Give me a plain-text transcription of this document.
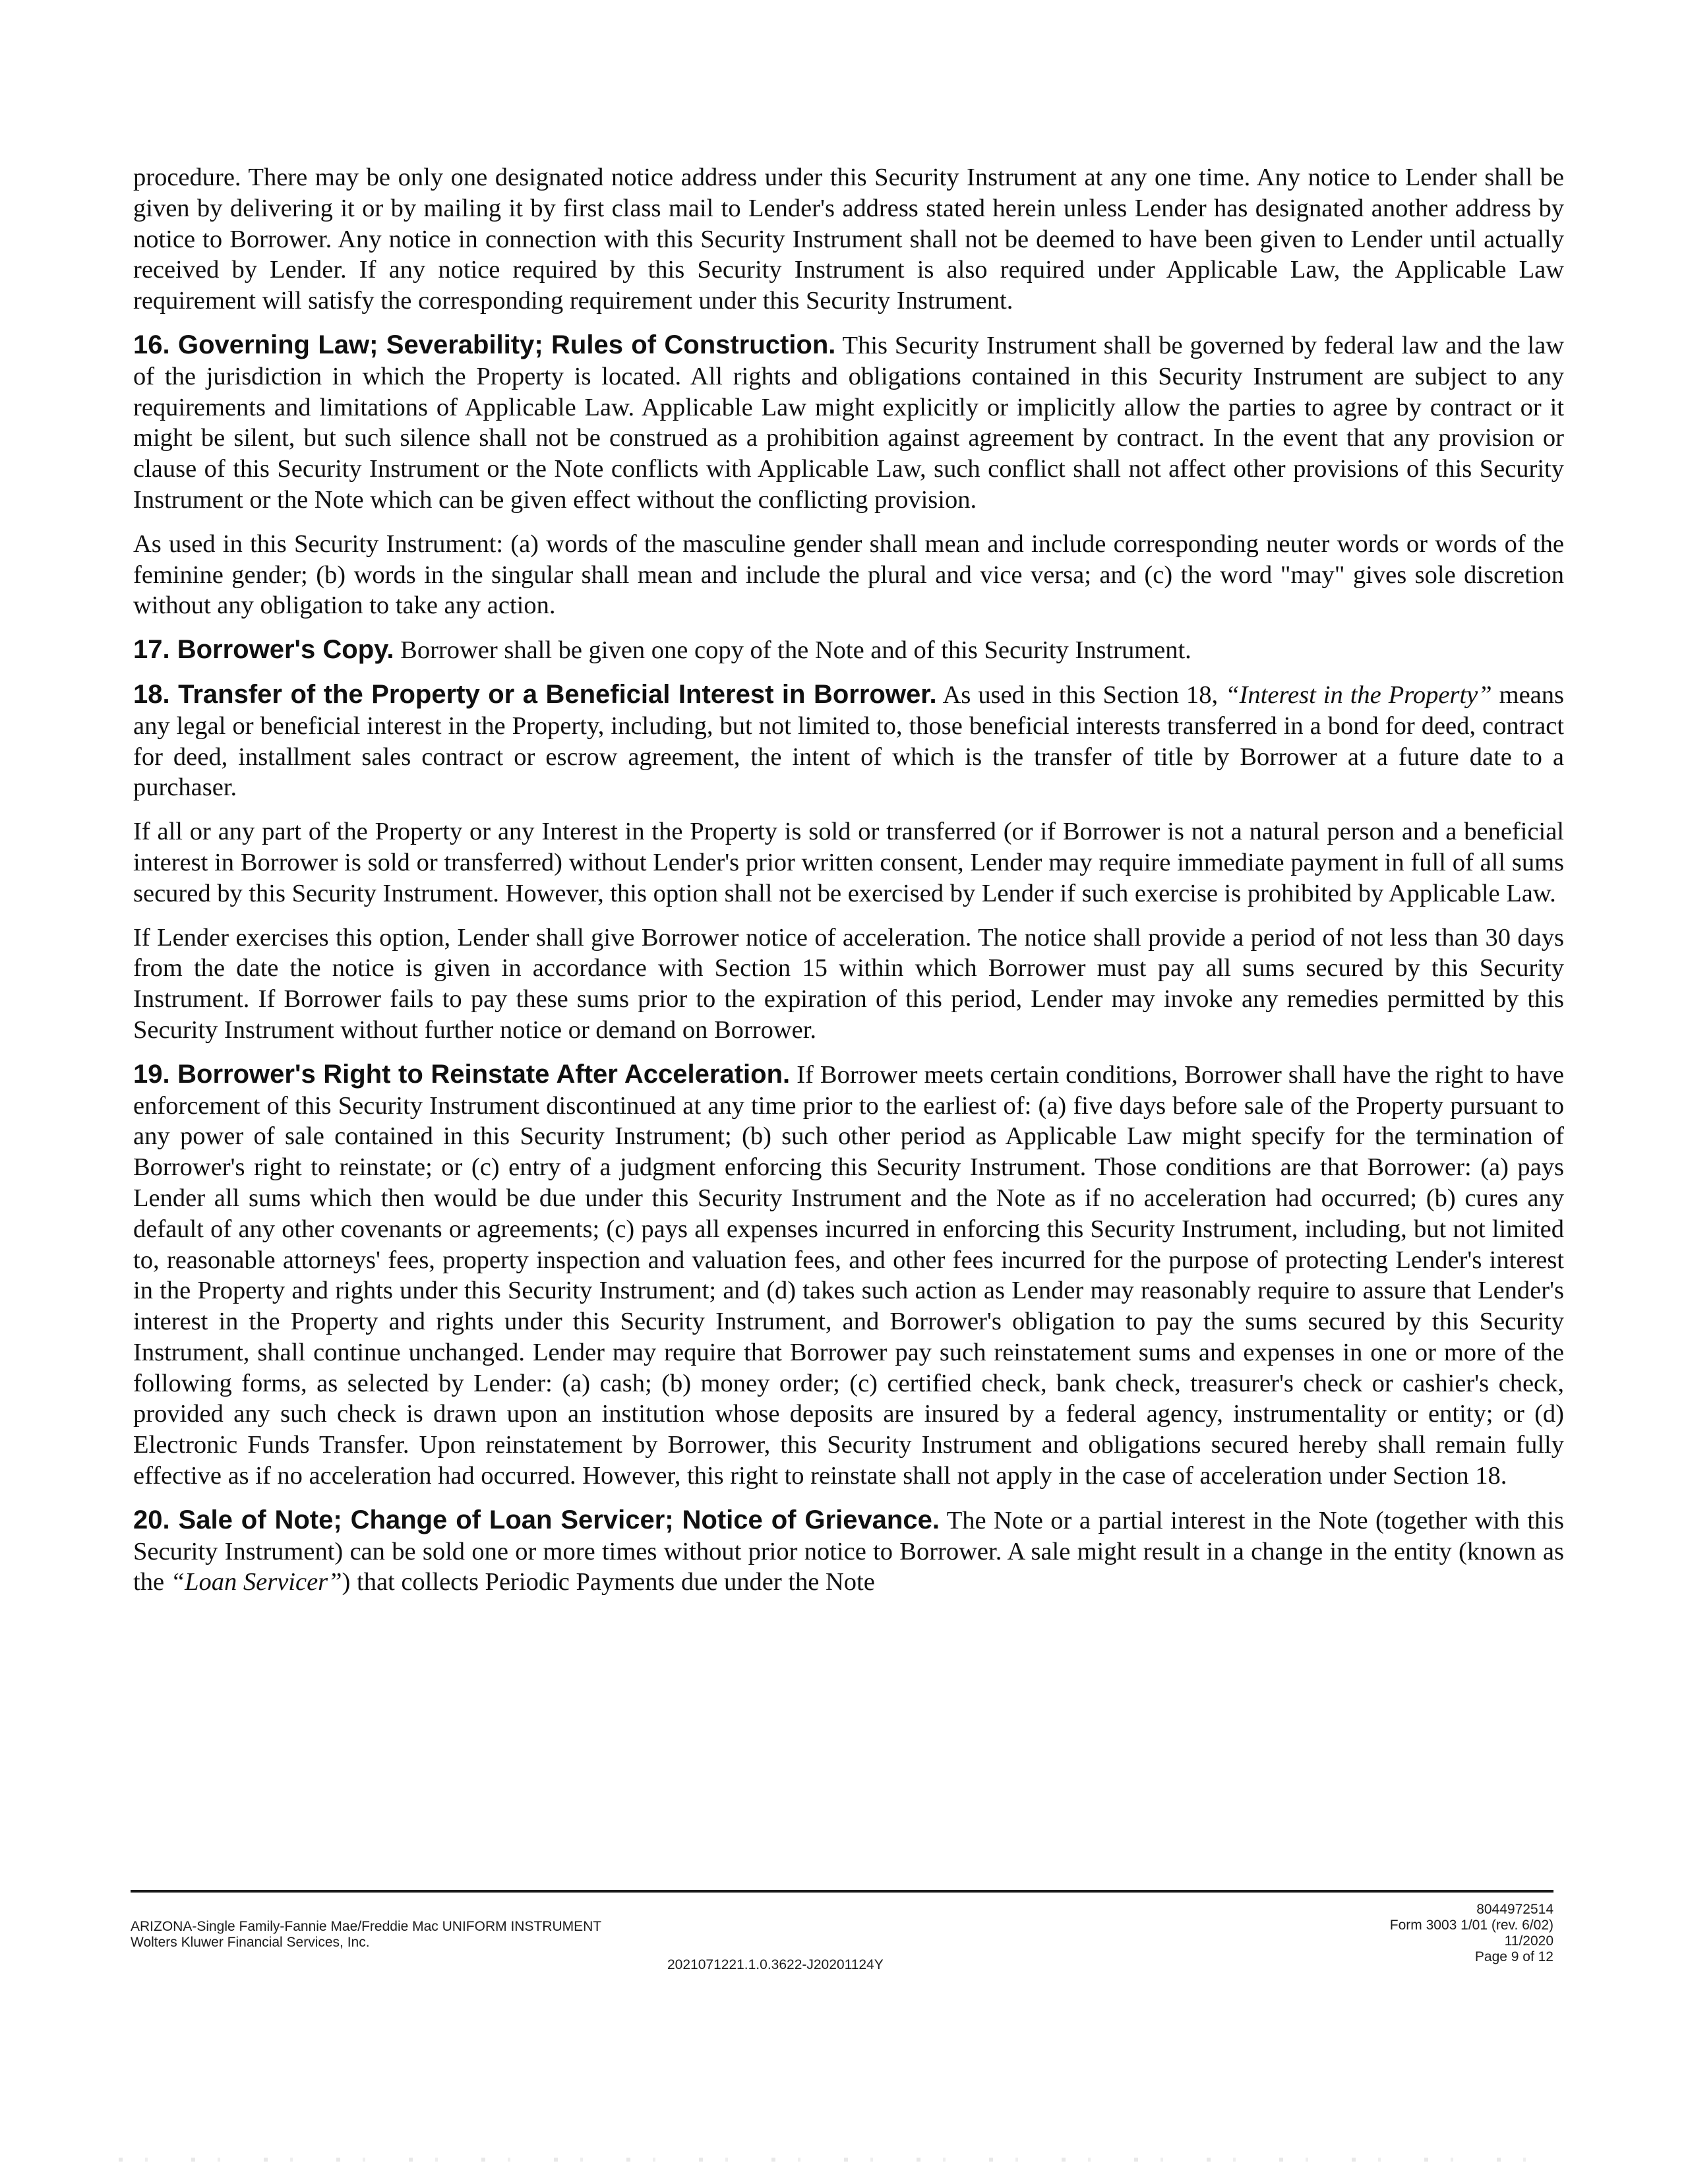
procedure. There may be only one designated notice address under this Security Instrument at any one time. Any notice to Lender shall be given by delivering it or by mailing it by first class mail to Lender's address stated herein unless Lender has designated another address by notice to Borrower. Any notice in connection with this Security Instrument shall not be deemed to have been given to Lender until actually received by Lender. If any notice required by this Security Instrument is also required under Applicable Law, the Applicable Law requirement will satisfy the corresponding requirement under this Security Instrument.

16. Governing Law; Severability; Rules of Construction. This Security Instrument shall be governed by federal law and the law of the jurisdiction in which the Property is located. All rights and obligations contained in this Security Instrument are subject to any requirements and limitations of Applicable Law. Applicable Law might explicitly or implicitly allow the parties to agree by contract or it might be silent, but such silence shall not be construed as a prohibition against agreement by contract. In the event that any provision or clause of this Security Instrument or the Note conflicts with Applicable Law, such conflict shall not affect other provisions of this Security Instrument or the Note which can be given effect without the conflicting provision.

As used in this Security Instrument: (a) words of the masculine gender shall mean and include corresponding neuter words or words of the feminine gender; (b) words in the singular shall mean and include the plural and vice versa; and (c) the word "may" gives sole discretion without any obligation to take any action.

17. Borrower's Copy. Borrower shall be given one copy of the Note and of this Security Instrument.

18. Transfer of the Property or a Beneficial Interest in Borrower. As used in this Section 18, “Interest in the Property” means any legal or beneficial interest in the Property, including, but not limited to, those beneficial interests transferred in a bond for deed, contract for deed, installment sales contract or escrow agreement, the intent of which is the transfer of title by Borrower at a future date to a purchaser.

If all or any part of the Property or any Interest in the Property is sold or transferred (or if Borrower is not a natural person and a beneficial interest in Borrower is sold or transferred) without Lender's prior written consent, Lender may require immediate payment in full of all sums secured by this Security Instrument. However, this option shall not be exercised by Lender if such exercise is prohibited by Applicable Law.

If Lender exercises this option, Lender shall give Borrower notice of acceleration. The notice shall provide a period of not less than 30 days from the date the notice is given in accordance with Section 15 within which Borrower must pay all sums secured by this Security Instrument. If Borrower fails to pay these sums prior to the expiration of this period, Lender may invoke any remedies permitted by this Security Instrument without further notice or demand on Borrower.

19. Borrower's Right to Reinstate After Acceleration. If Borrower meets certain conditions, Borrower shall have the right to have enforcement of this Security Instrument discontinued at any time prior to the earliest of: (a) five days before sale of the Property pursuant to any power of sale contained in this Security Instrument; (b) such other period as Applicable Law might specify for the termination of Borrower's right to reinstate; or (c) entry of a judgment enforcing this Security Instrument. Those conditions are that Borrower: (a) pays Lender all sums which then would be due under this Security Instrument and the Note as if no acceleration had occurred; (b) cures any default of any other covenants or agreements; (c) pays all expenses incurred in enforcing this Security Instrument, including, but not limited to, reasonable attorneys' fees, property inspection and valuation fees, and other fees incurred for the purpose of protecting Lender's interest in the Property and rights under this Security Instrument; and (d) takes such action as Lender may reasonably require to assure that Lender's interest in the Property and rights under this Security Instrument, and Borrower's obligation to pay the sums secured by this Security Instrument, shall continue unchanged. Lender may require that Borrower pay such reinstatement sums and expenses in one or more of the following forms, as selected by Lender: (a) cash; (b) money order; (c) certified check, bank check, treasurer's check or cashier's check, provided any such check is drawn upon an institution whose deposits are insured by a federal agency, instrumentality or entity; or (d) Electronic Funds Transfer. Upon reinstatement by Borrower, this Security Instrument and obligations secured hereby shall remain fully effective as if no acceleration had occurred. However, this right to reinstate shall not apply in the case of acceleration under Section 18.

20. Sale of Note; Change of Loan Servicer; Notice of Grievance. The Note or a partial interest in the Note (together with this Security Instrument) can be sold one or more times without prior notice to Borrower. A sale might result in a change in the entity (known as the “Loan Servicer”) that collects Periodic Payments due under the Note

ARIZONA-Single Family-Fannie Mae/Freddie Mac UNIFORM INSTRUMENT
Wolters Kluwer Financial Services, Inc.
2021071221.1.0.3622-J20201124Y
8044972514
Form 3003 1/01 (rev. 6/02)
11/2020
Page 9 of 12
